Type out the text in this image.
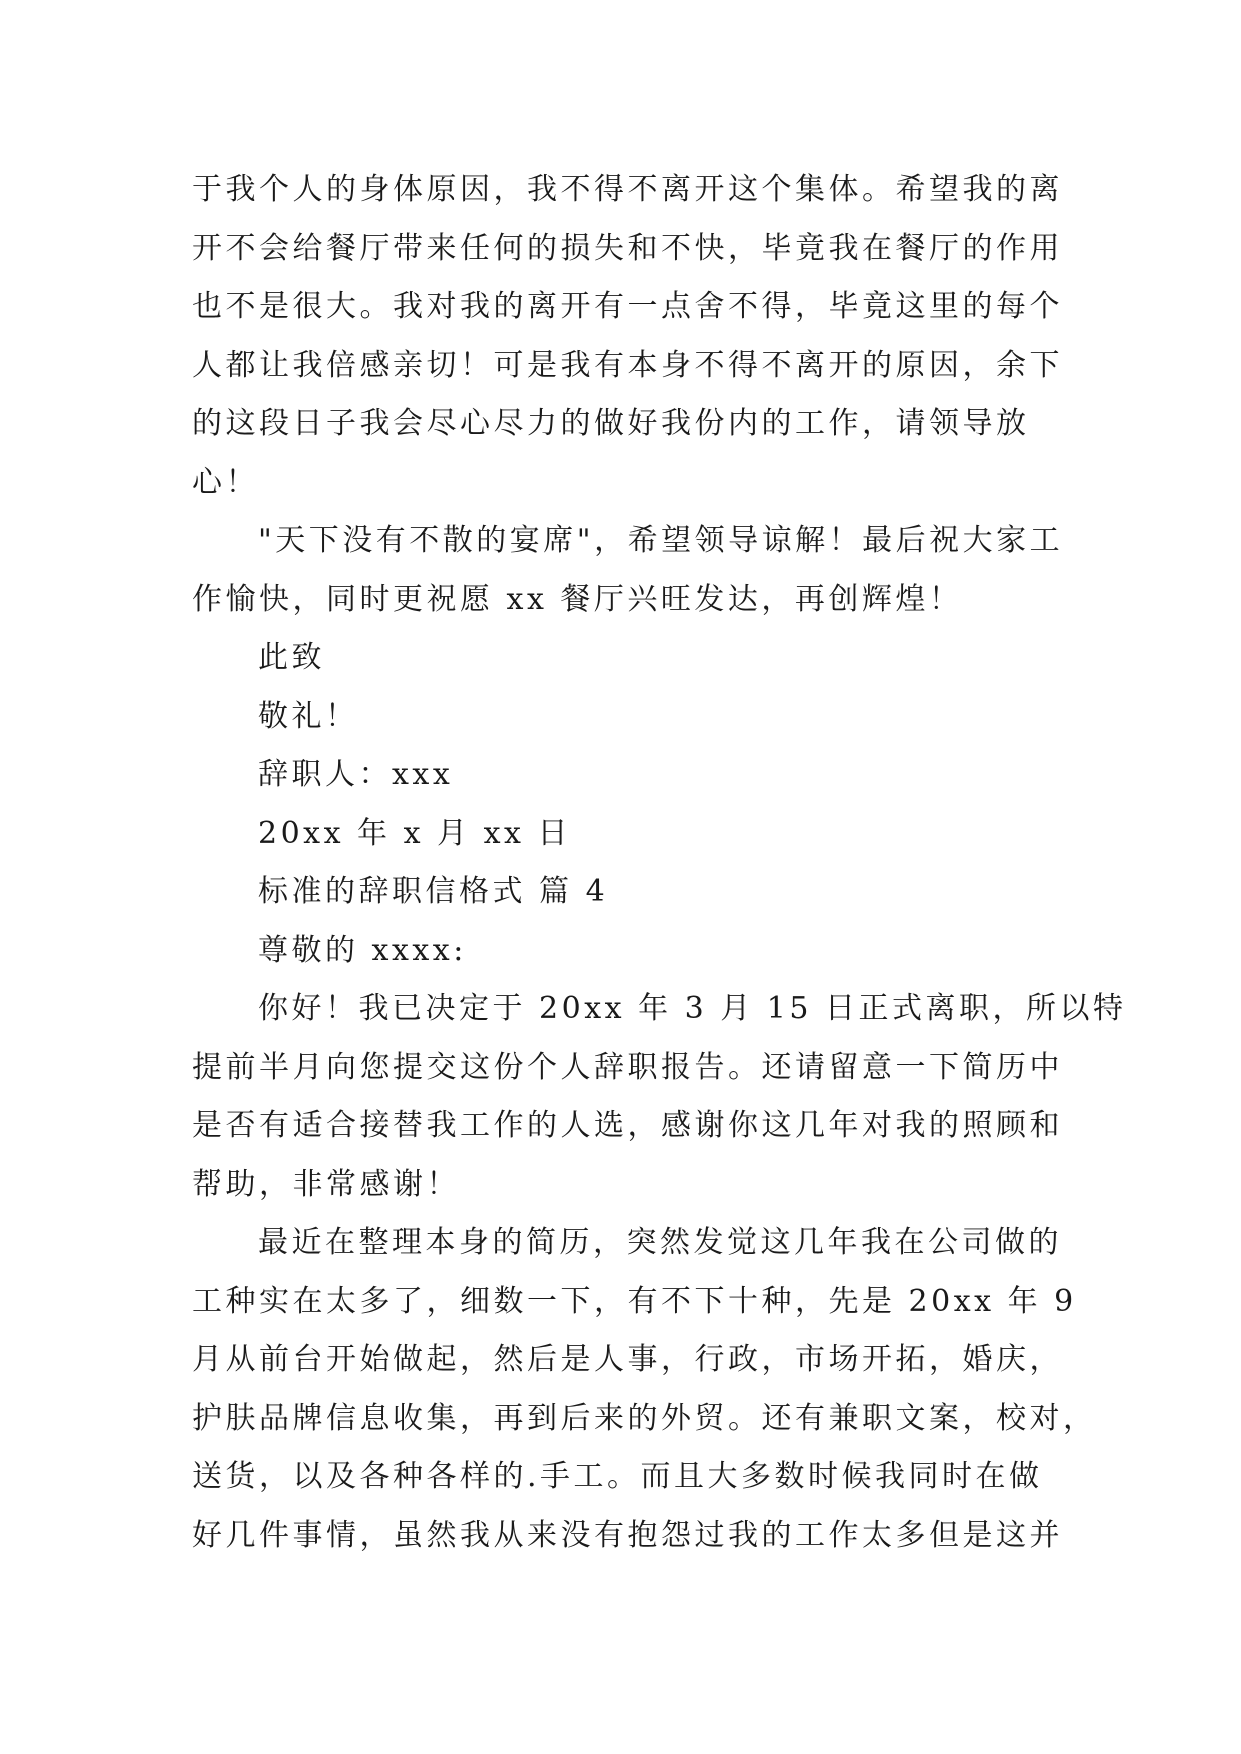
于我个人的身体原因，我不得不离开这个集体。希望我的离
开不会给餐厅带来任何的损失和不快，毕竟我在餐厅的作用
也不是很大。我对我的离开有一点舍不得，毕竟这里的每个
人都让我倍感亲切！可是我有本身不得不离开的原因，余下
的这段日子我会尽心尽力的做好我份内的工作，请领导放
心！
"天下没有不散的宴席"，希望领导谅解！最后祝大家工
作愉快，同时更祝愿 xx 餐厅兴旺发达，再创辉煌！
此致
敬礼！
辞职人：xxx
20xx 年 x 月 xx 日
标准的辞职信格式 篇 4
尊敬的 xxxx:
你好！我已决定于 20xx 年 3 月 15 日正式离职，所以特
提前半月向您提交这份个人辞职报告。还请留意一下简历中
是否有适合接替我工作的人选，感谢你这几年对我的照顾和
帮助，非常感谢！
最近在整理本身的简历，突然发觉这几年我在公司做的
工种实在太多了，细数一下，有不下十种，先是 20xx 年 9
月从前台开始做起，然后是人事，行政，市场开拓，婚庆，
护肤品牌信息收集，再到后来的外贸。还有兼职文案，校对，
送货，以及各种各样的.手工。而且大多数时候我同时在做
好几件事情，虽然我从来没有抱怨过我的工作太多但是这并
